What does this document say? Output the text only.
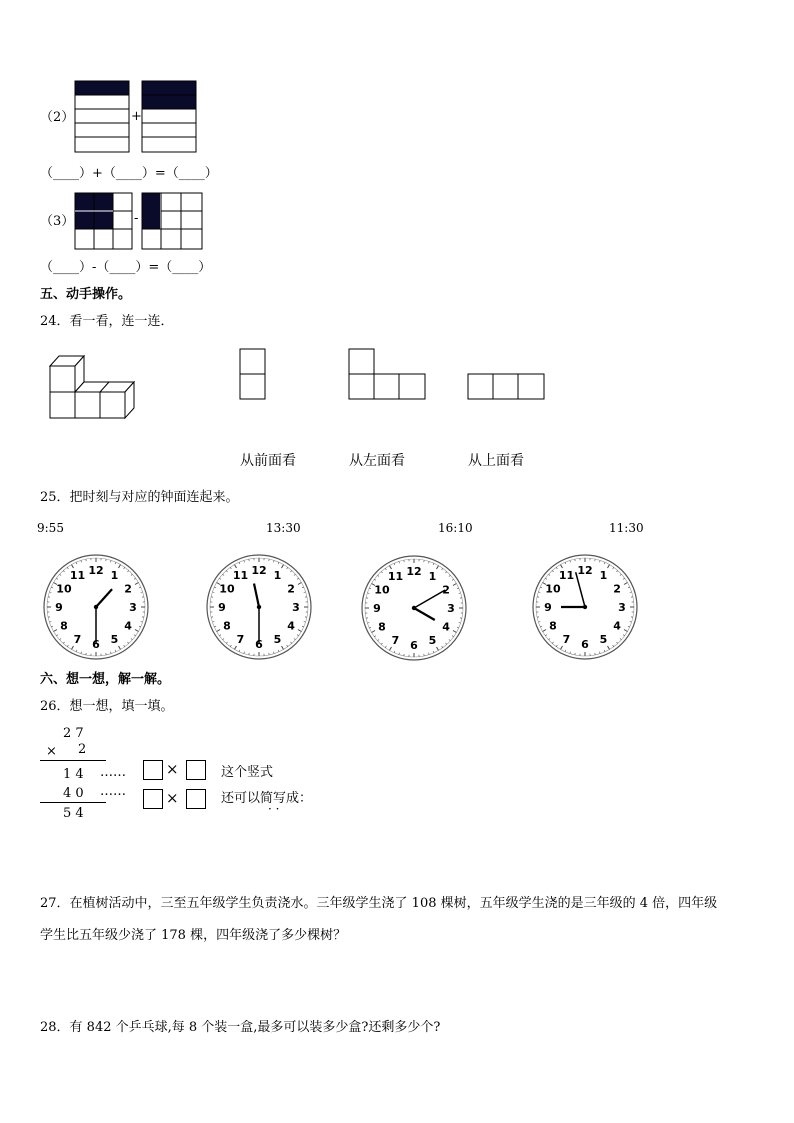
（2）	+
（____）+（____）=（____）
（3）	-
（____）-（____）=（____）
五、动手操作。
24．看一看，连一连．
从前面看	从左面看	从上面看
25．把时刻与对应的钟面连起来。
9:55	13:30	16:10	11:30
12 1
2
3
4
5
6
7
8
9
10
11	12 1
2
3
4
5
6
7
8
9
10
11	12 1
2
3
4
5
6
7
8
9
10
11	12 1
2
3
4
5
6
7
8
9
10
11
六、想一想，解一解。
26．想一想，填一填。
2 7
× 2
1 4 ……
4 0 ……
5 4
×
×
这个竖式
还可以简写成：
· ·
27．在植树活动中，三至五年级学生负责浇水。三年级学生浇了 108 棵树，五年级学生浇的是三年级的 4 倍，四年级
学生比五年级少浇了 178 棵，四年级浇了多少棵树？
28．有 842 个乒乓球,每 8 个装一盒,最多可以装多少盒?还剩多少个?
